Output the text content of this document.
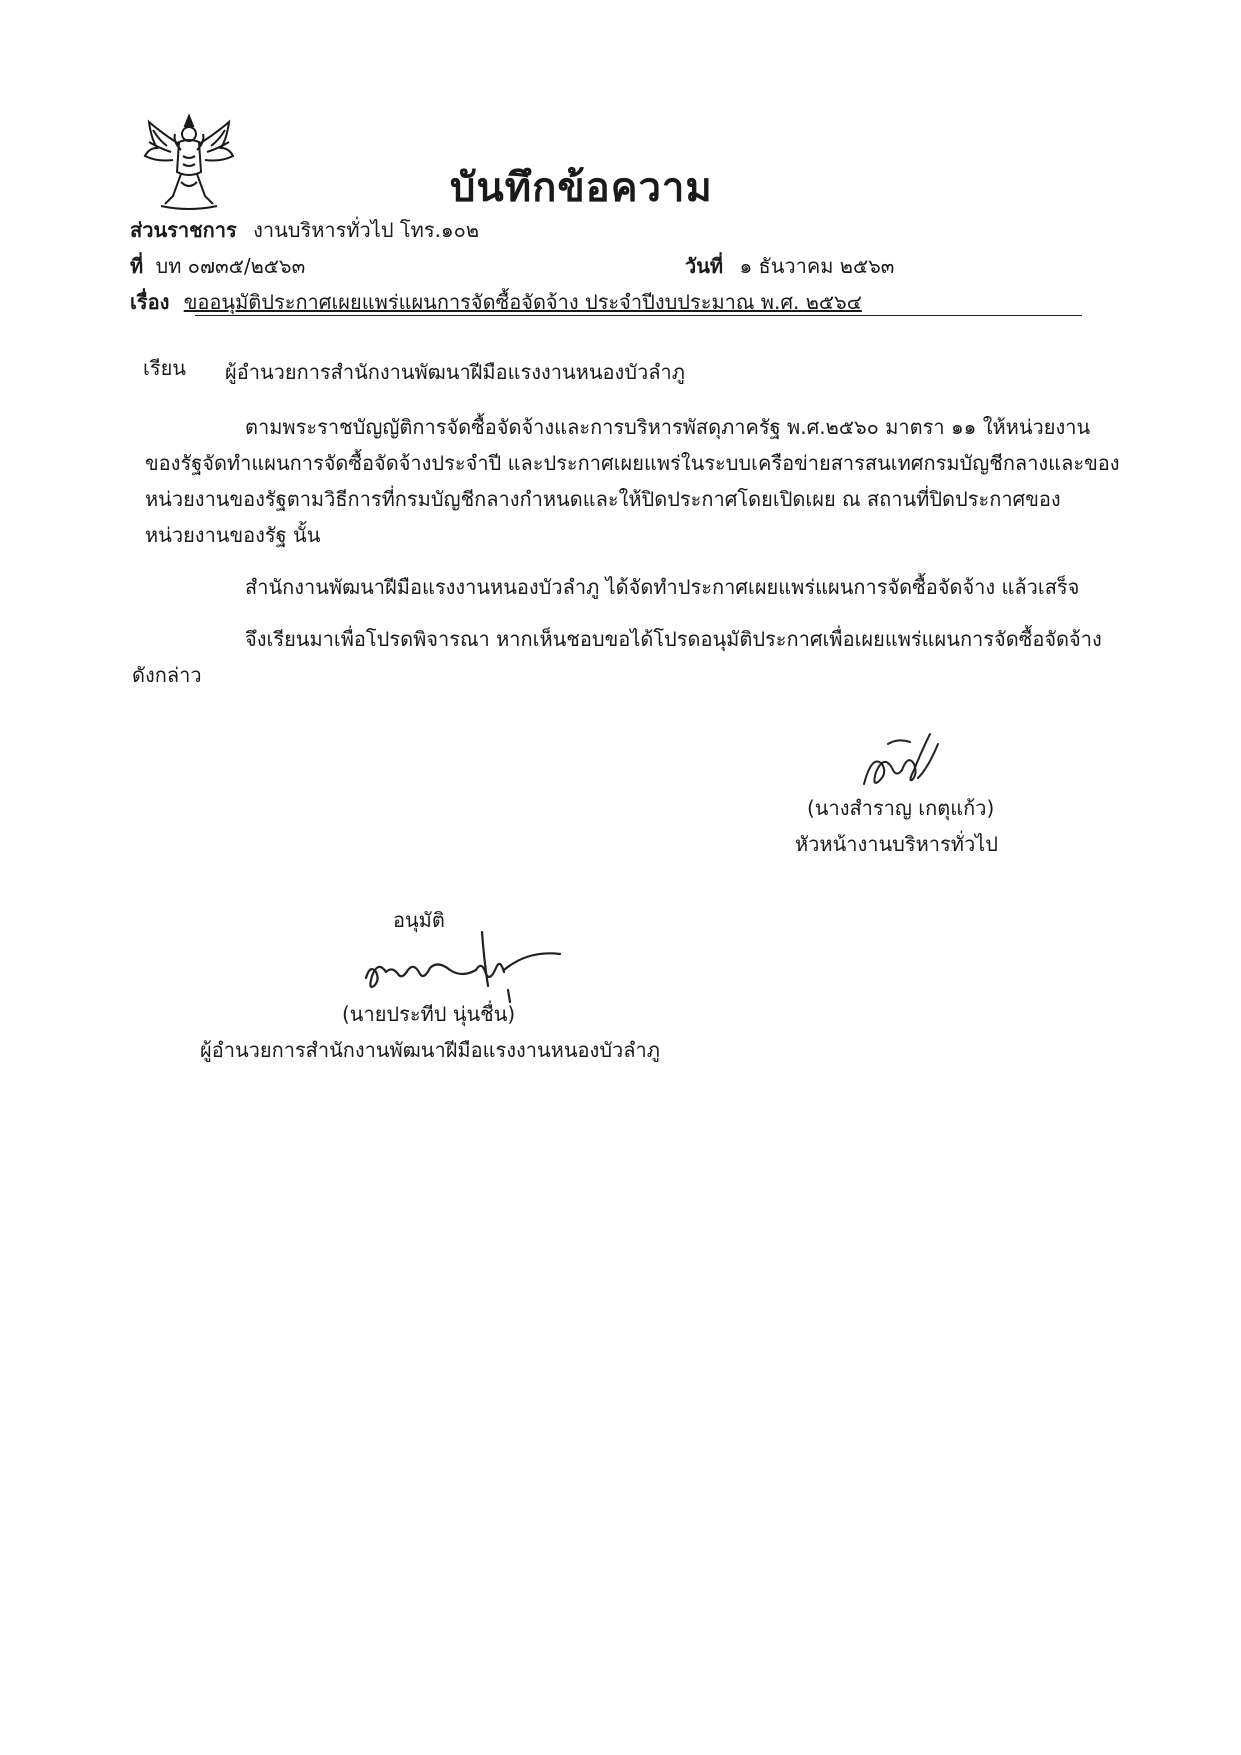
บันทึกข้อความ
ส่วนราชการ งานบริหารทั่วไป โทร.๑๐๒
ที่ บท ๐๗๓๕/๒๕๖๓	วันที่ ๑ ธันวาคม ๒๕๖๓
เรื่อง ขออนุมัติประกาศเผยแพร่แผนการจัดซื้อจัดจ้าง ประจำปีงบประมาณ พ.ศ. ๒๕๖๔
เรียน ผู้อำนวยการสำนักงานพัฒนาฝีมือแรงงานหนองบัวลำภู
ตามพระราชบัญญัติการจัดซื้อจัดจ้างและการบริหารพัสดุภาครัฐ พ.ศ.๒๕๖๐ มาตรา ๑๑ ให้หน่วยงาน
ของรัฐจัดทำแผนการจัดซื้อจัดจ้างประจำปี และประกาศเผยแพร่ในระบบเครือข่ายสารสนเทศกรมบัญชีกลางและของ
หน่วยงานของรัฐตามวิธีการที่กรมบัญชีกลางกำหนดและให้ปิดประกาศโดยเปิดเผย ณ สถานที่ปิดประกาศของ
หน่วยงานของรัฐ นั้น
สำนักงานพัฒนาฝีมือแรงงานหนองบัวลำภู ได้จัดทำประกาศเผยแพร่แผนการจัดซื้อจัดจ้าง แล้วเสร็จ
จึงเรียนมาเพื่อโปรดพิจารณา หากเห็นชอบขอได้โปรดอนุมัติประกาศเพื่อเผยแพร่แผนการจัดซื้อจัดจ้าง
ดังกล่าว
(นางสำราญ เกตุแก้ว)
หัวหน้างานบริหารทั่วไป
อนุมัติ
(นายประทีป นุ่นชื่น)
ผู้อำนวยการสำนักงานพัฒนาฝีมือแรงงานหนองบัวลำภู
